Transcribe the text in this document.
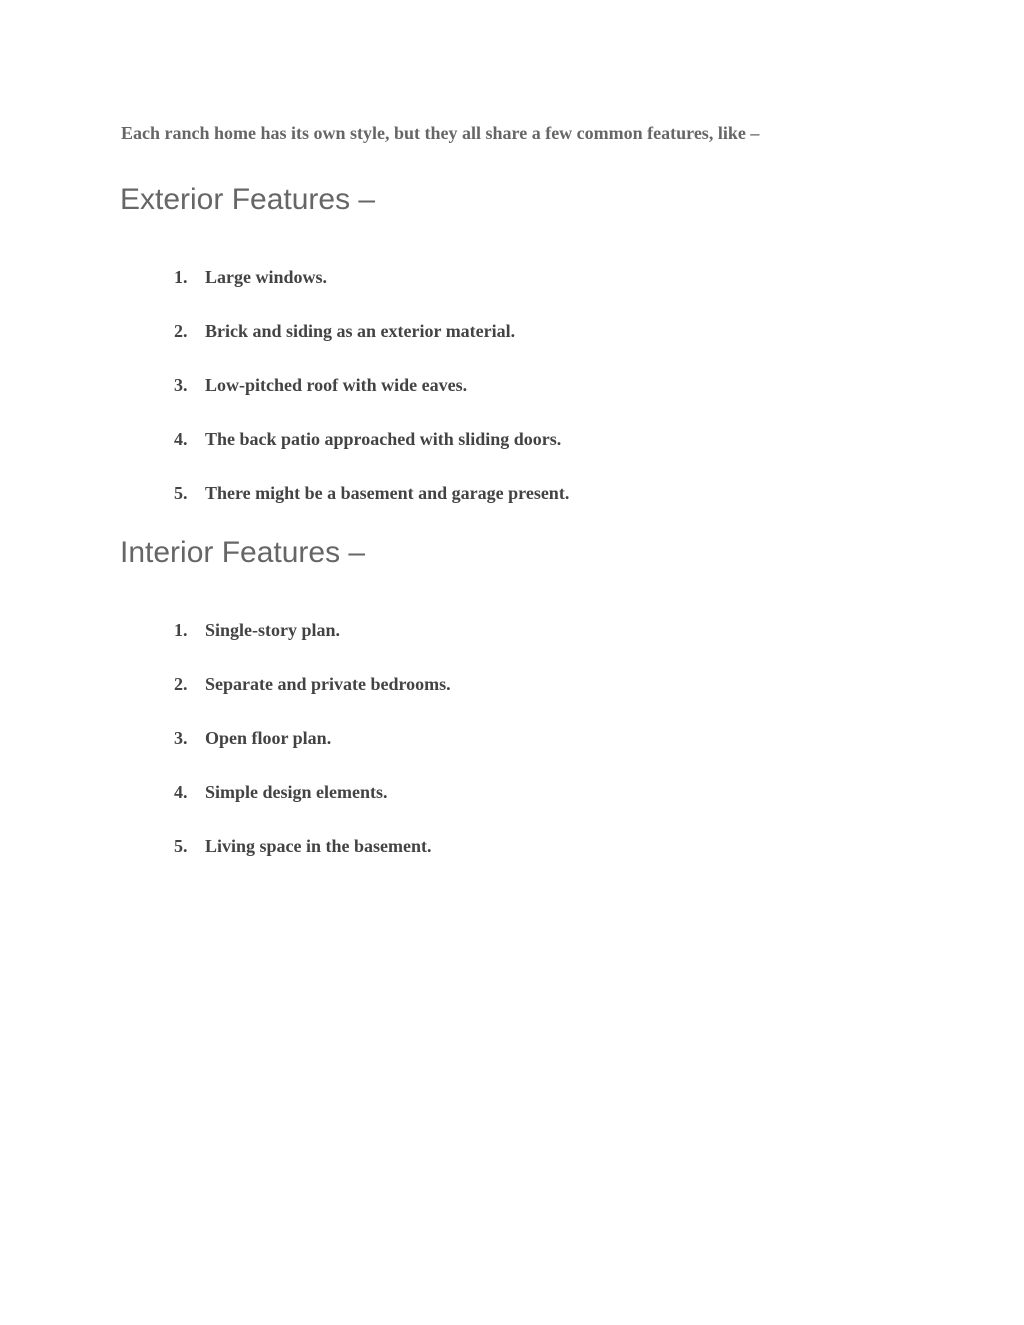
Each ranch home has its own style, but they all share a few common features, like –

Exterior Features –
1. Large windows.
2. Brick and siding as an exterior material.
3. Low-pitched roof with wide eaves.
4. The back patio approached with sliding doors.
5. There might be a basement and garage present.
Interior Features –
1. Single-story plan.
2. Separate and private bedrooms.
3. Open floor plan.
4. Simple design elements.
5. Living space in the basement.
